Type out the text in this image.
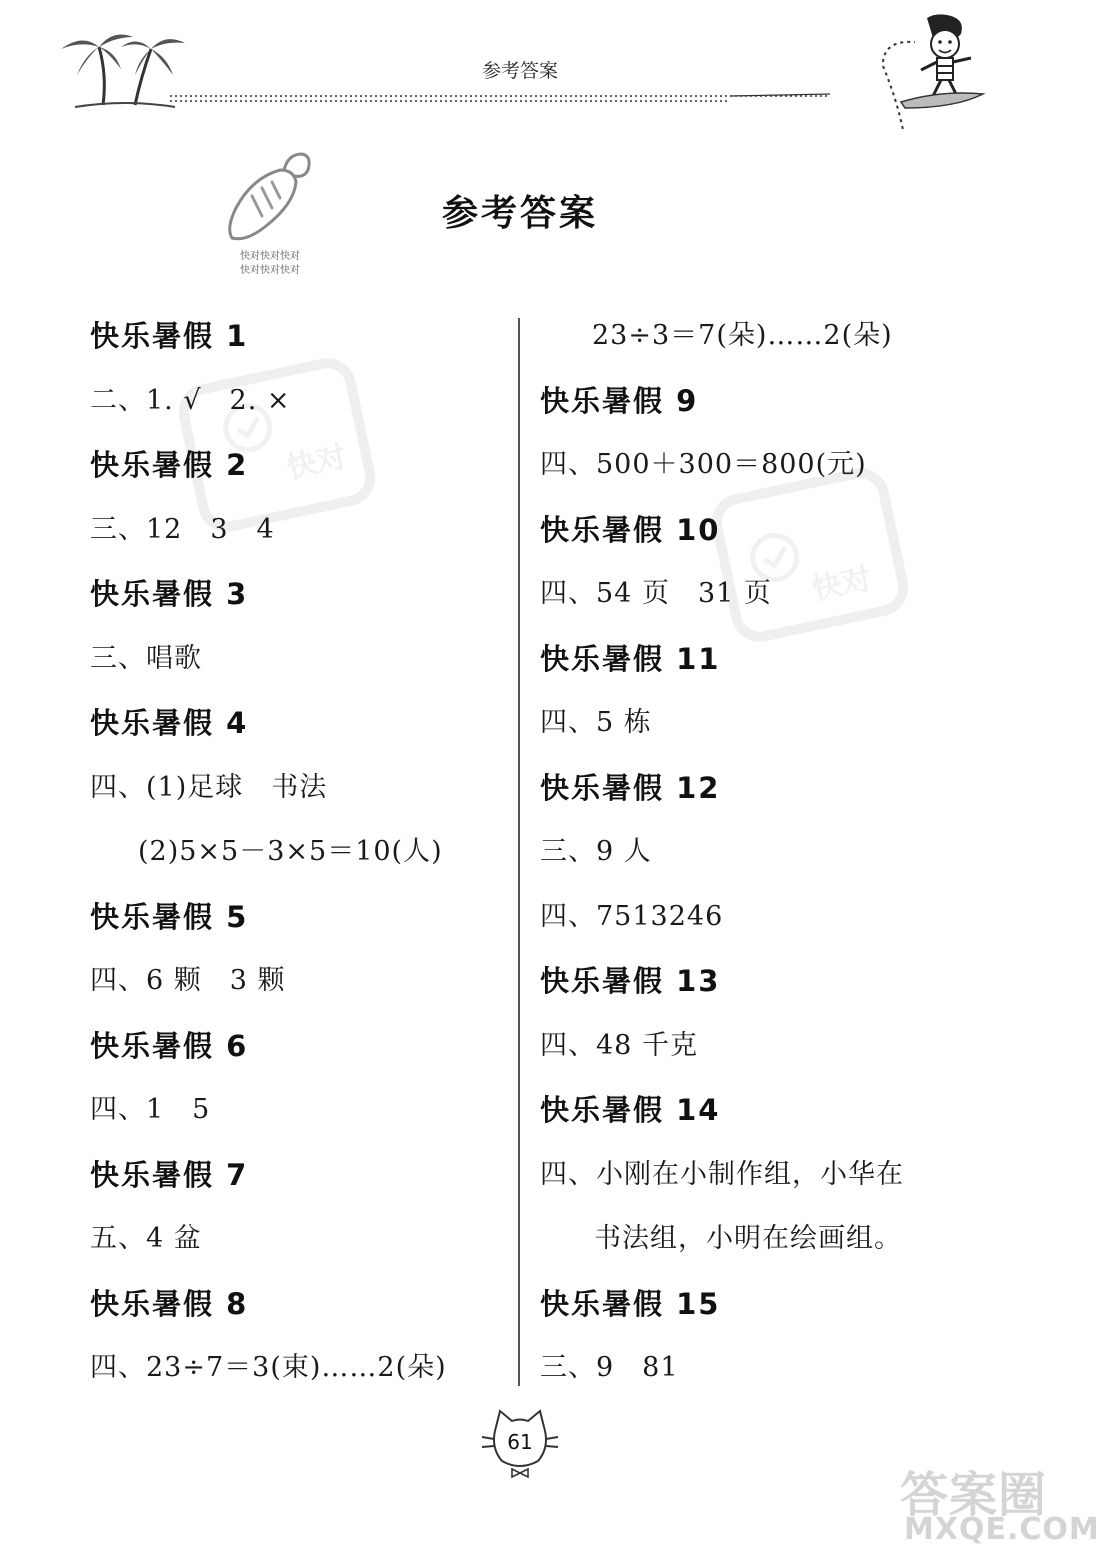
参考答案
快对快对快对
快对快对快对
参考答案
快对
快对
快乐暑假 1
二、1. √　2. ×
快乐暑假 2
三、12　3　4
快乐暑假 3
三、唱歌
快乐暑假 4
四、(1)足球　书法
(2)5×5－3×5＝10(人)
快乐暑假 5
四、6 颗　3 颗
快乐暑假 6
四、1　5
快乐暑假 7
五、4 盆
快乐暑假 8
四、23÷7＝3(束)……2(朵)
23÷3＝7(朵)……2(朵)
快乐暑假 9
四、500＋300＝800(元)
快乐暑假 10
四、54 页　31 页
快乐暑假 11
四、5 栋
快乐暑假 12
三、9 人
四、7513246
快乐暑假 13
四、48 千克
快乐暑假 14
四、小刚在小制作组，小华在
书法组，小明在绘画组。
快乐暑假 15
三、9　81
61
答案圈
MXQE.COM
